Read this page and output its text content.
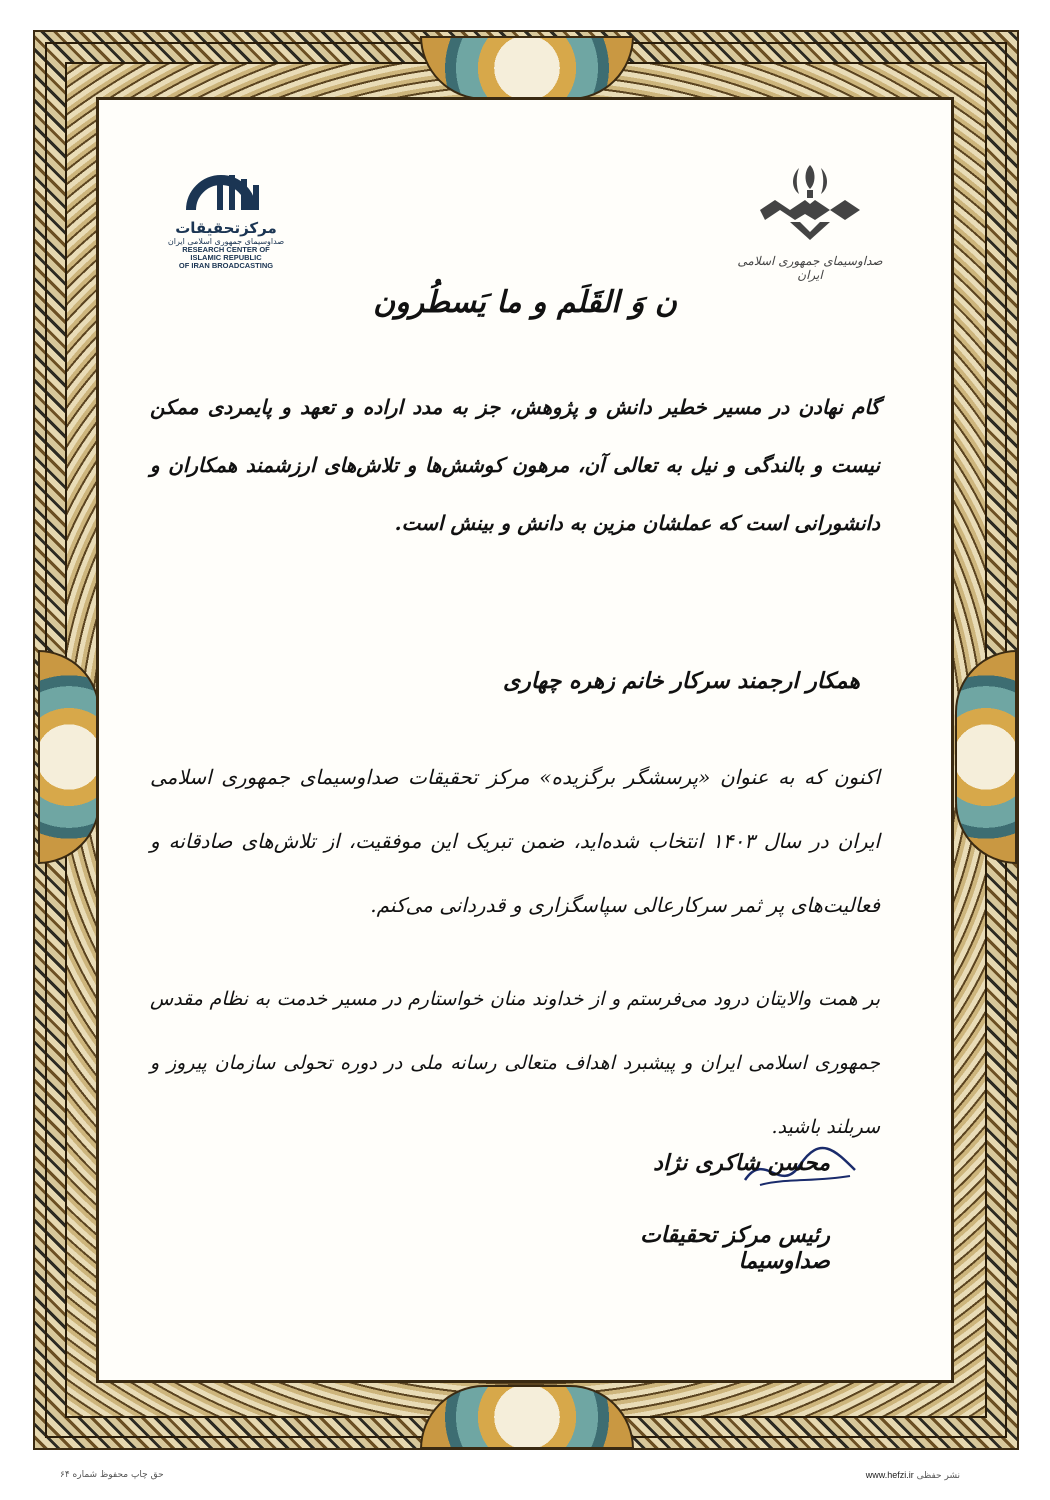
مرکزتحقیقات
صداوسیمای جمهوری اسلامی ایران
RESEARCH CENTER OF
ISLAMIC REPUBLIC
OF IRAN BROADCASTING	صداوسیمای جمهوری اسلامی ایران
ن وَ القَلَم و ما یَسطُرون
گام نهادن در مسیر خطیر دانش و پژوهش، جز به مدد اراده و تعهد و پایمردی ممکن نیست و بالندگی و نیل به تعالی آن، مرهون کوشش‌ها و تلاش‌های ارزشمند همکاران و دانشورانی است که عملشان مزین به دانش و بینش است.
همکار ارجمند سرکار خانم زهره چهاری
اکنون که به عنوان «پرسشگر برگزیده» مرکز تحقیقات صداوسیمای جمهوری اسلامی ایران در سال ۱۴۰۳ انتخاب شده‌اید، ضمن تبریک این موفقیت، از تلاش‌های صادقانه و فعالیت‌های پر ثمر سرکارعالی سپاسگزاری و قدردانی می‌کنم.
بر همت والایتان درود می‌فرستم و از خداوند منان خواستارم در مسیر خدمت به نظام مقدس جمهوری اسلامی ایران و پیشبرد اهداف متعالی رسانه ملی در دوره تحولی سازمان پیروز و سربلند باشید.
محسن شاکری نژاد
رئیس مرکز تحقیقات صداوسیما
حق چاپ محفوظ شماره ۶۴	نشر حفظی www.hefzi.ir
